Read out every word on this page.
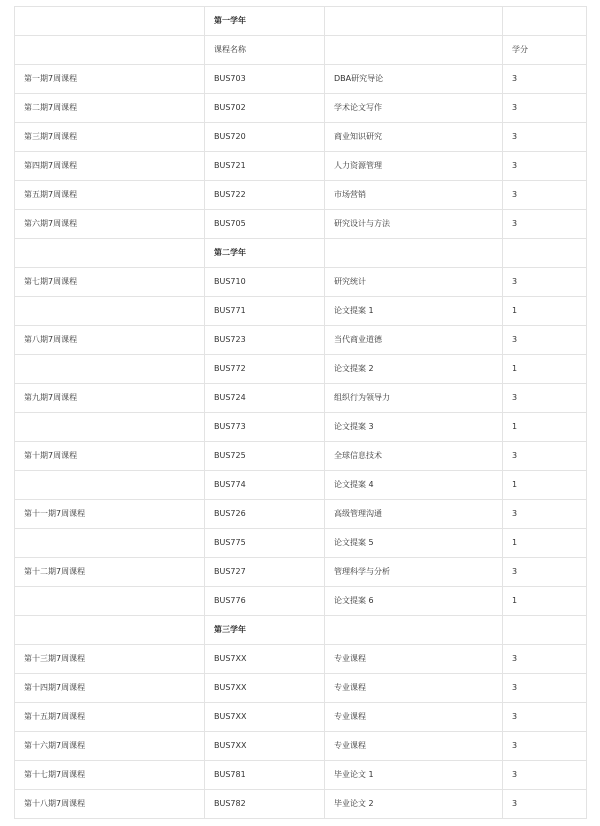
	第一学年		
	课程名称		学分
第一期7周课程	BUS703	DBA研究导论	3
第二期7周课程	BUS702	学术论文写作	3
第三期7周课程	BUS720	商业知识研究	3
第四期7周课程	BUS721	人力资源管理	3
第五期7周课程	BUS722	市场营销	3
第六期7周课程	BUS705	研究设计与方法	3
	第二学年		
第七期7周课程	BUS710	研究统计	3
	BUS771	论文提案 1	1
第八期7周课程	BUS723	当代商业道德	3
	BUS772	论文提案 2	1
第九期7周课程	BUS724	组织行为领导力	3
	BUS773	论文提案 3	1
第十期7周课程	BUS725	全球信息技术	3
	BUS774	论文提案 4	1
第十一期7周课程	BUS726	高级管理沟通	3
	BUS775	论文提案 5	1
第十二期7周课程	BUS727	管理科学与分析	3
	BUS776	论文提案 6	1
	第三学年		
第十三期7周课程	BUS7XX	专业课程	3
第十四期7周课程	BUS7XX	专业课程	3
第十五期7周课程	BUS7XX	专业课程	3
第十六期7周课程	BUS7XX	专业课程	3
第十七期7周课程	BUS781	毕业论文 1	3
第十八期7周课程	BUS782	毕业论文 2	3
